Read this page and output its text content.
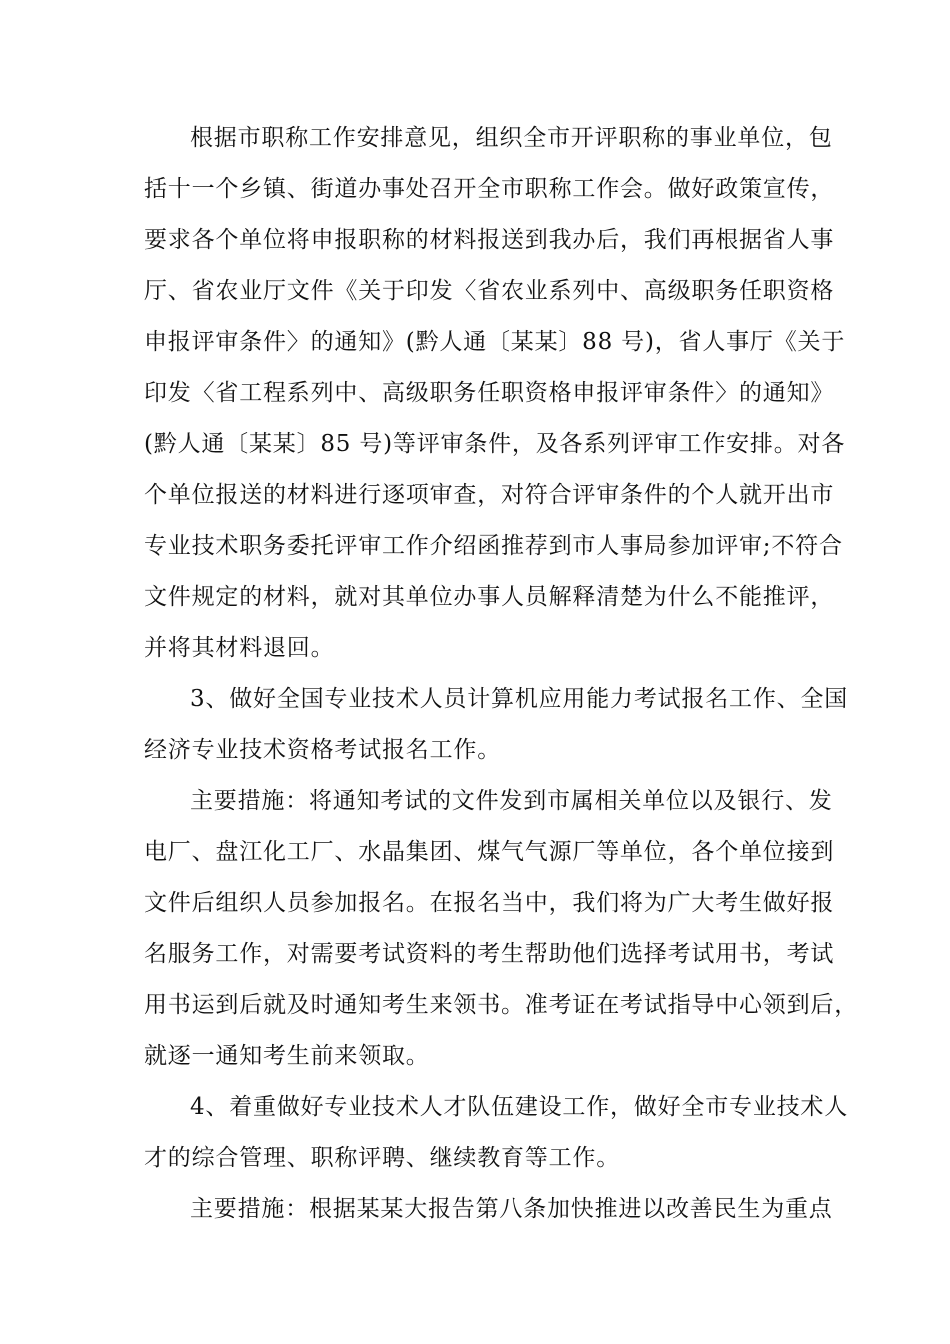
根据市职称工作安排意见，组织全市开评职称的事业单位，包
括十一个乡镇、街道办事处召开全市职称工作会。做好政策宣传，
要求各个单位将申报职称的材料报送到我办后，我们再根据省人事
厅、省农业厅文件《关于印发〈省农业系列中、高级职务任职资格
申报评审条件〉的通知》(黔人通〔某某〕88 号)，省人事厅《关于
印发〈省工程系列中、高级职务任职资格申报评审条件〉的通知》
(黔人通〔某某〕85 号)等评审条件，及各系列评审工作安排。对各
个单位报送的材料进行逐项审查，对符合评审条件的个人就开出市
专业技术职务委托评审工作介绍函推荐到市人事局参加评审;不符合
文件规定的材料，就对其单位办事人员解释清楚为什么不能推评，
并将其材料退回。
3、做好全国专业技术人员计算机应用能力考试报名工作、全国
经济专业技术资格考试报名工作。
主要措施：将通知考试的文件发到市属相关单位以及银行、发
电厂、盘江化工厂、水晶集团、煤气气源厂等单位，各个单位接到
文件后组织人员参加报名。在报名当中，我们将为广大考生做好报
名服务工作，对需要考试资料的考生帮助他们选择考试用书，考试
用书运到后就及时通知考生来领书。准考证在考试指导中心领到后，
就逐一通知考生前来领取。
4、着重做好专业技术人才队伍建设工作，做好全市专业技术人
才的综合管理、职称评聘、继续教育等工作。
主要措施：根据某某大报告第八条加快推进以改善民生为重点
